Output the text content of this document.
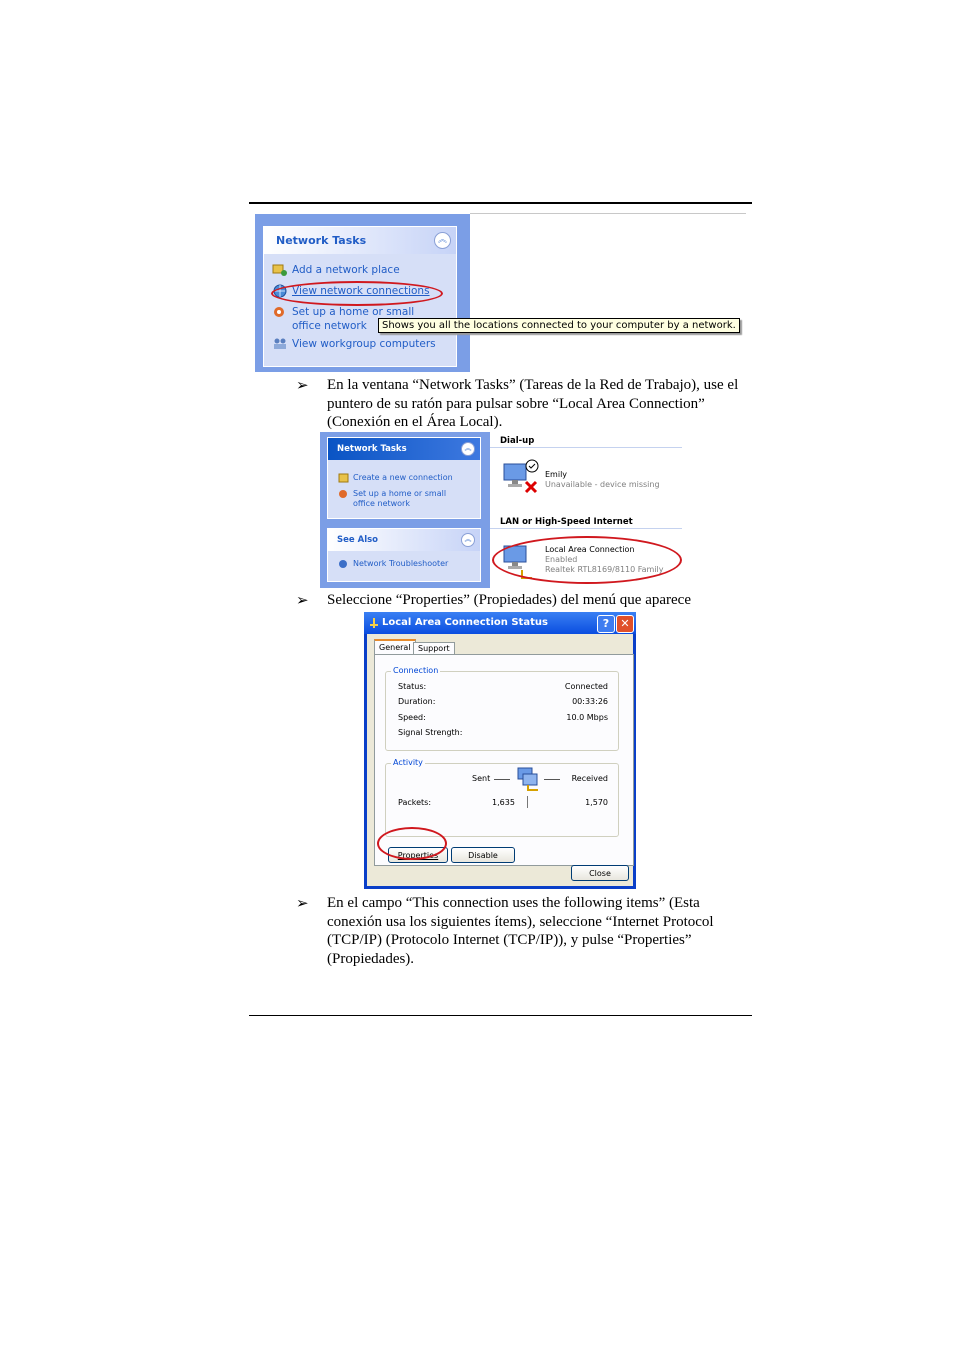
Network Tasks	︽
Add a network place
View network connections
Set up a home or small
office network
View workgroup computers
Shows you all the locations connected to your computer by a network.
➢ En la ventana “Network Tasks” (Tareas de la Red de Trabajo), use el puntero de su ratón para pulsar sobre “Local Area Connection” (Conexión en el Área Local).
Network Tasks	︽
Create a new connection
Set up a home or small
office network
See Also	︽
Network Troubleshooter
Dial-up
Emily
Unavailable - device missing
LAN or High-Speed Internet
Local Area Connection
Enabled
Realtek RTL8169/8110 Family
➢ Seleccione “Properties” (Propiedades) del menú que aparece
Local Area Connection Status	?	✕
General Support
Connection
Status:	Connected
Duration:	00:33:26
Speed:	10.0 Mbps
Signal Strength:
Activity
Sent	Received
Packets:	1,635	1,570
Properties	Disable
Close
➢ En el campo “This connection uses the following items” (Esta conexión usa los siguientes ítems), seleccione “Internet Protocol (TCP/IP) (Protocolo Internet (TCP/IP)), y pulse “Properties” (Propiedades).
